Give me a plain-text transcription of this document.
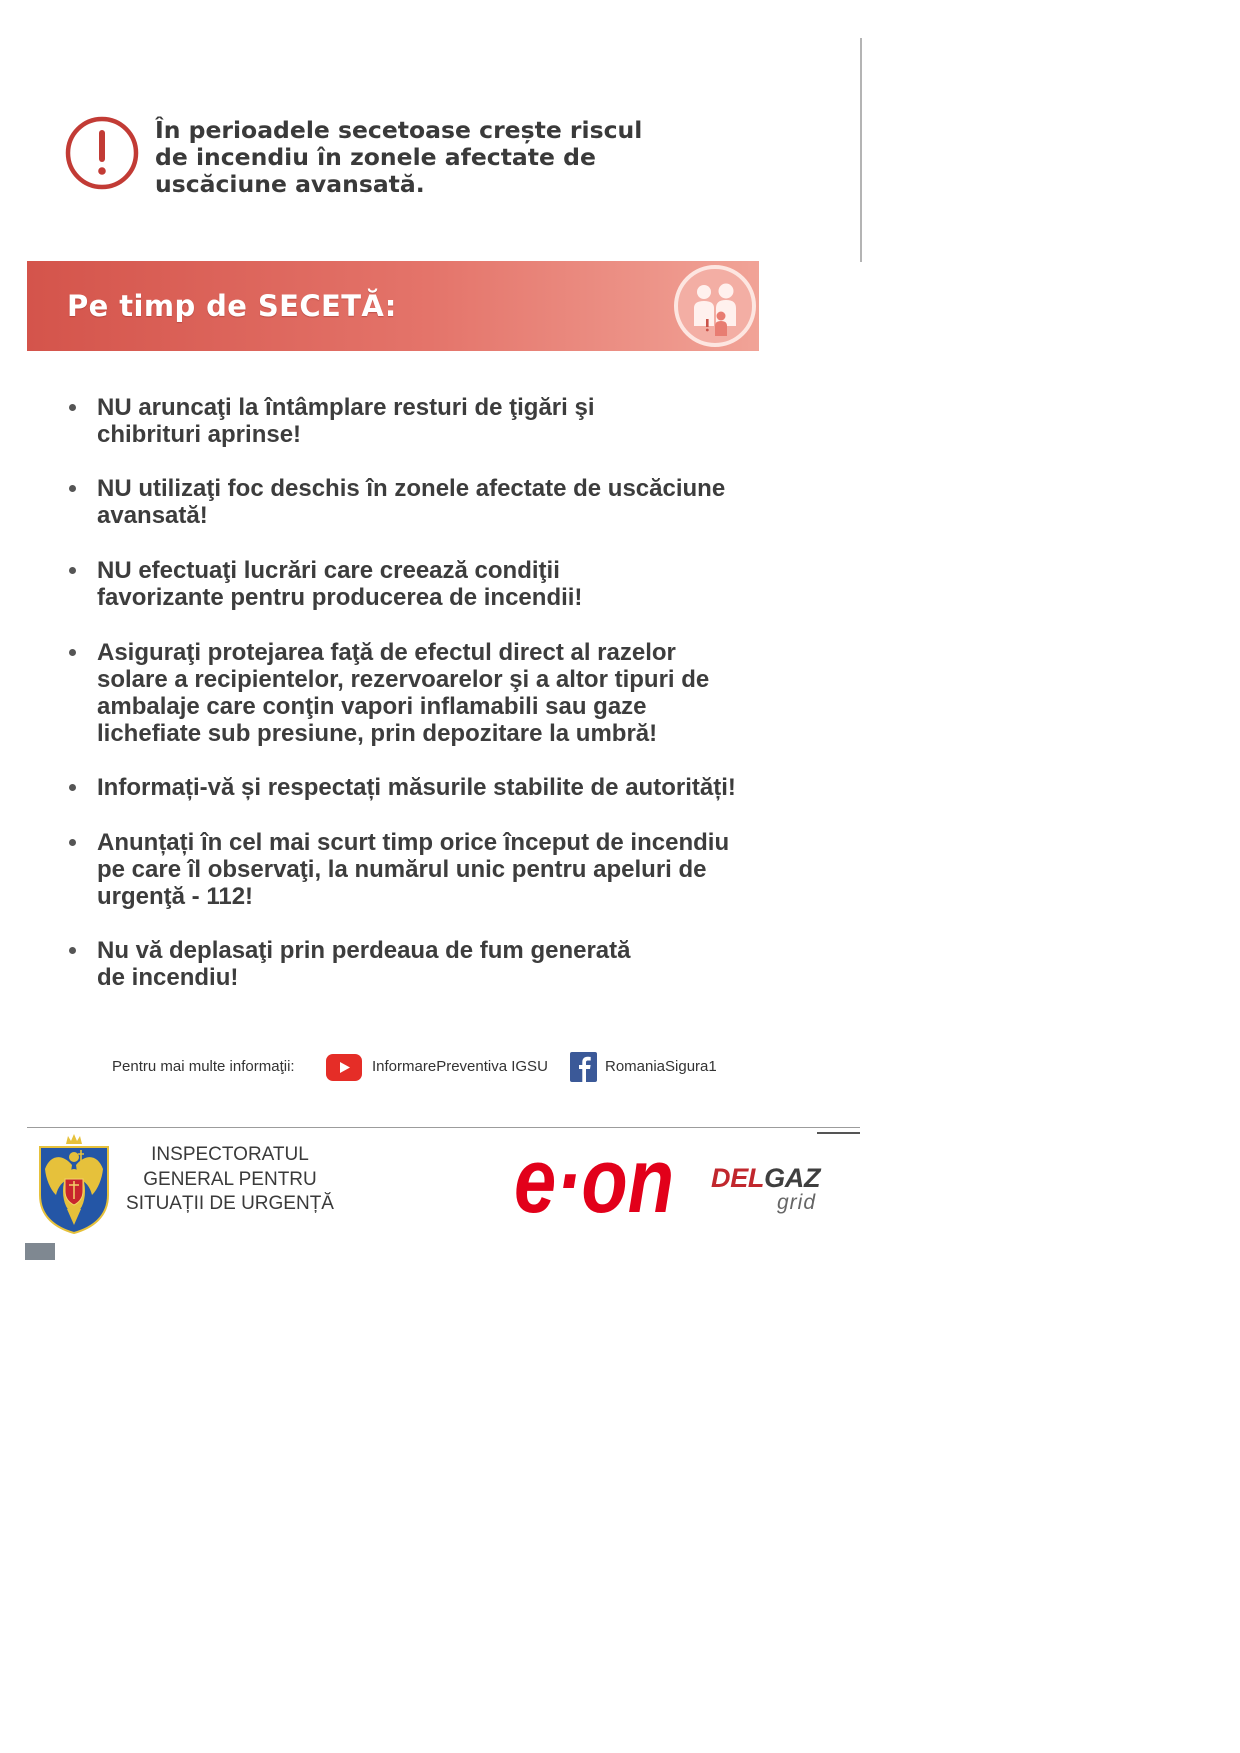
În perioadele secetoase crește riscul
de incendiu în zonele afectate de
uscăciune avansată.
Pe timp de SECETĂ:
NU aruncaţi la întâmplare resturi de ţigări şi
chibrituri aprinse!
NU utilizaţi foc deschis în zonele afectate de uscăciune
avansată!
NU efectuaţi lucrări care creează condiţii
favorizante pentru producerea de incendii!
Asiguraţi protejarea faţă de efectul direct al razelor
solare a recipientelor, rezervoarelor şi a altor tipuri de
ambalaje care conţin vapori inflamabili sau gaze
lichefiate sub presiune, prin depozitare la umbră!
Informați-vă și respectați măsurile stabilite de autorități!
Anunțați în cel mai scurt timp orice început de incendiu
pe care îl observaţi, la numărul unic pentru apeluri de
urgenţă - 112!
Nu vă deplasaţi prin perdeaua de fum generată
de incendiu!
Pentru mai multe informaţii:	InformarePreventiva IGSU	RomaniaSigura1
INSPECTORATUL
GENERAL PENTRU
SITUAȚII DE URGENȚĂ e·on DELGAZ
grid
